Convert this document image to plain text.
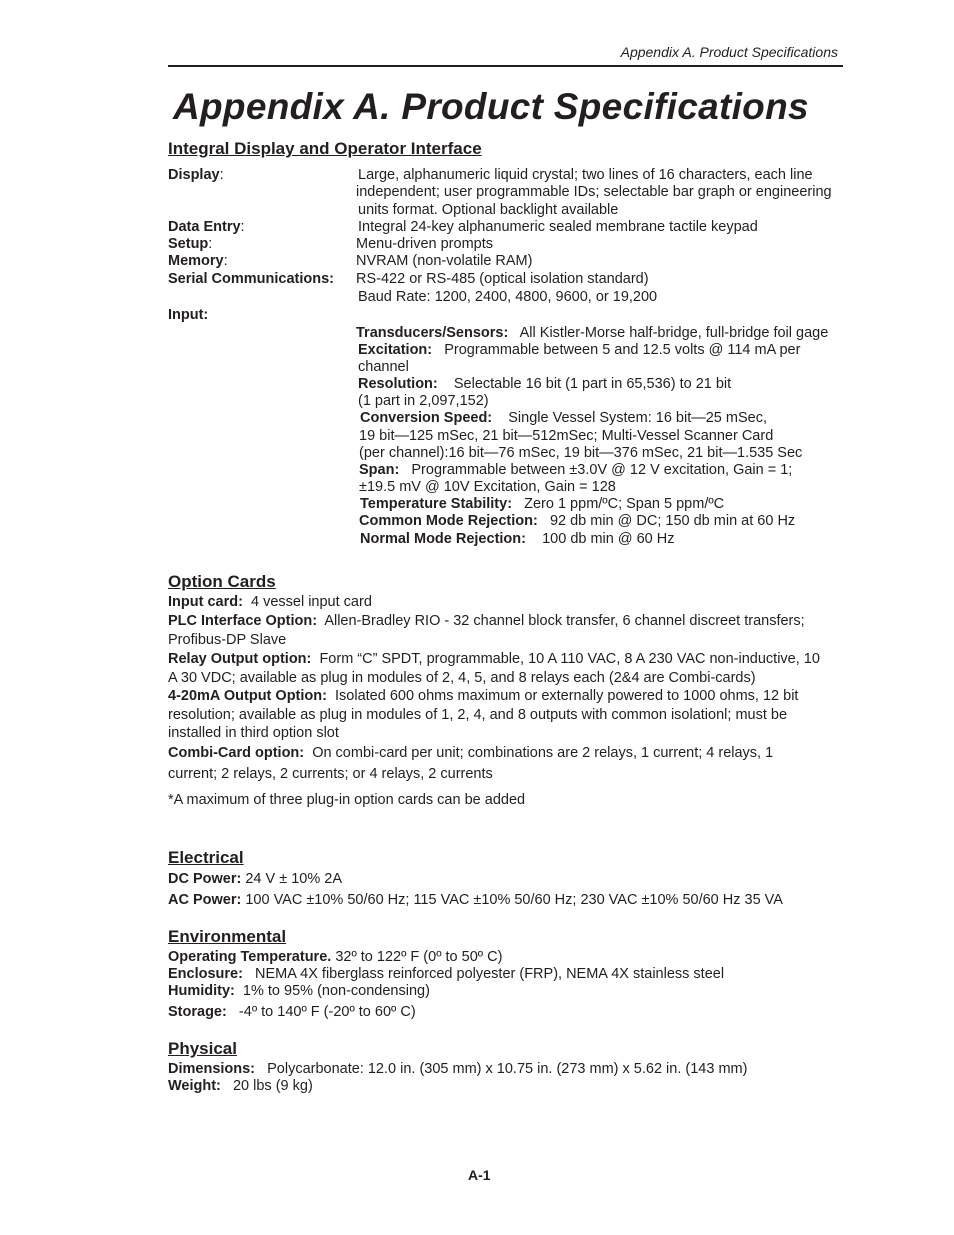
Appendix A. Product Specifications
Appendix A. Product Specifications
Integral Display and Operator Interface
Display:	Large, alphanumeric liquid crystal; two lines of 16 characters, each line
independent; user programmable IDs; selectable bar graph or engineering
units format. Optional backlight available
Data Entry:	Integral 24-key alphanumeric sealed membrane tactile keypad
Setup:	Menu-driven prompts
Memory:	NVRAM (non-volatile RAM)
Serial Communications: RS-422 or RS-485 (optical isolation standard)
Baud Rate: 1200, 2400, 4800, 9600, or 19,200
Input:
Transducers/Sensors: All Kistler-Morse half-bridge, full-bridge foil gage
Excitation: Programmable between 5 and 12.5 volts @ 114 mA per
channel
Resolution: Selectable 16 bit (1 part in 65,536) to 21 bit
(1 part in 2,097,152)
Conversion Speed: Single Vessel System: 16 bit—25 mSec,
19 bit—125 mSec, 21 bit—512mSec; Multi-Vessel Scanner Card
(per channel):16 bit—76 mSec, 19 bit—376 mSec, 21 bit—1.535 Sec
Span: Programmable between ±3.0V @ 12 V excitation, Gain = 1;
±19.5 mV @ 10V Excitation, Gain = 128
Temperature Stability: Zero 1 ppm/ºC; Span 5 ppm/ºC
Common Mode Rejection: 92 db min @ DC; 150 db min at 60 Hz
Normal Mode Rejection: 100 db min @ 60 Hz
Option Cards
Input card: 4 vessel input card
PLC Interface Option: Allen-Bradley RIO - 32 channel block transfer, 6 channel discreet transfers;
Profibus-DP Slave
Relay Output option: Form “C” SPDT, programmable, 10 A 110 VAC, 8 A 230 VAC non-inductive, 10
A 30 VDC; available as plug in modules of 2, 4, 5, and 8 relays each (2&4 are Combi-cards)
4-20mA Output Option: Isolated 600 ohms maximum or externally powered to 1000 ohms, 12 bit
resolution; available as plug in modules of 1, 2, 4, and 8 outputs with common isolationl; must be
installed in third option slot
Combi-Card option: On combi-card per unit; combinations are 2 relays, 1 current; 4 relays, 1
current; 2 relays, 2 currents; or 4 relays, 2 currents
*A maximum of three plug-in option cards can be added
Electrical
DC Power: 24 V ± 10% 2A
AC Power: 100 VAC ±10% 50/60 Hz; 115 VAC ±10% 50/60 Hz; 230 VAC ±10% 50/60 Hz 35 VA
Environmental
Operating Temperature. 32º to 122º F (0º to 50º C)
Enclosure: NEMA 4X fiberglass reinforced polyester (FRP), NEMA 4X stainless steel
Humidity: 1% to 95% (non-condensing)
Storage: -4º to 140º F (-20º to 60º C)
Physical
Dimensions: Polycarbonate: 12.0 in. (305 mm) x 10.75 in. (273 mm) x 5.62 in. (143 mm)
Weight: 20 lbs (9 kg)
A-1
